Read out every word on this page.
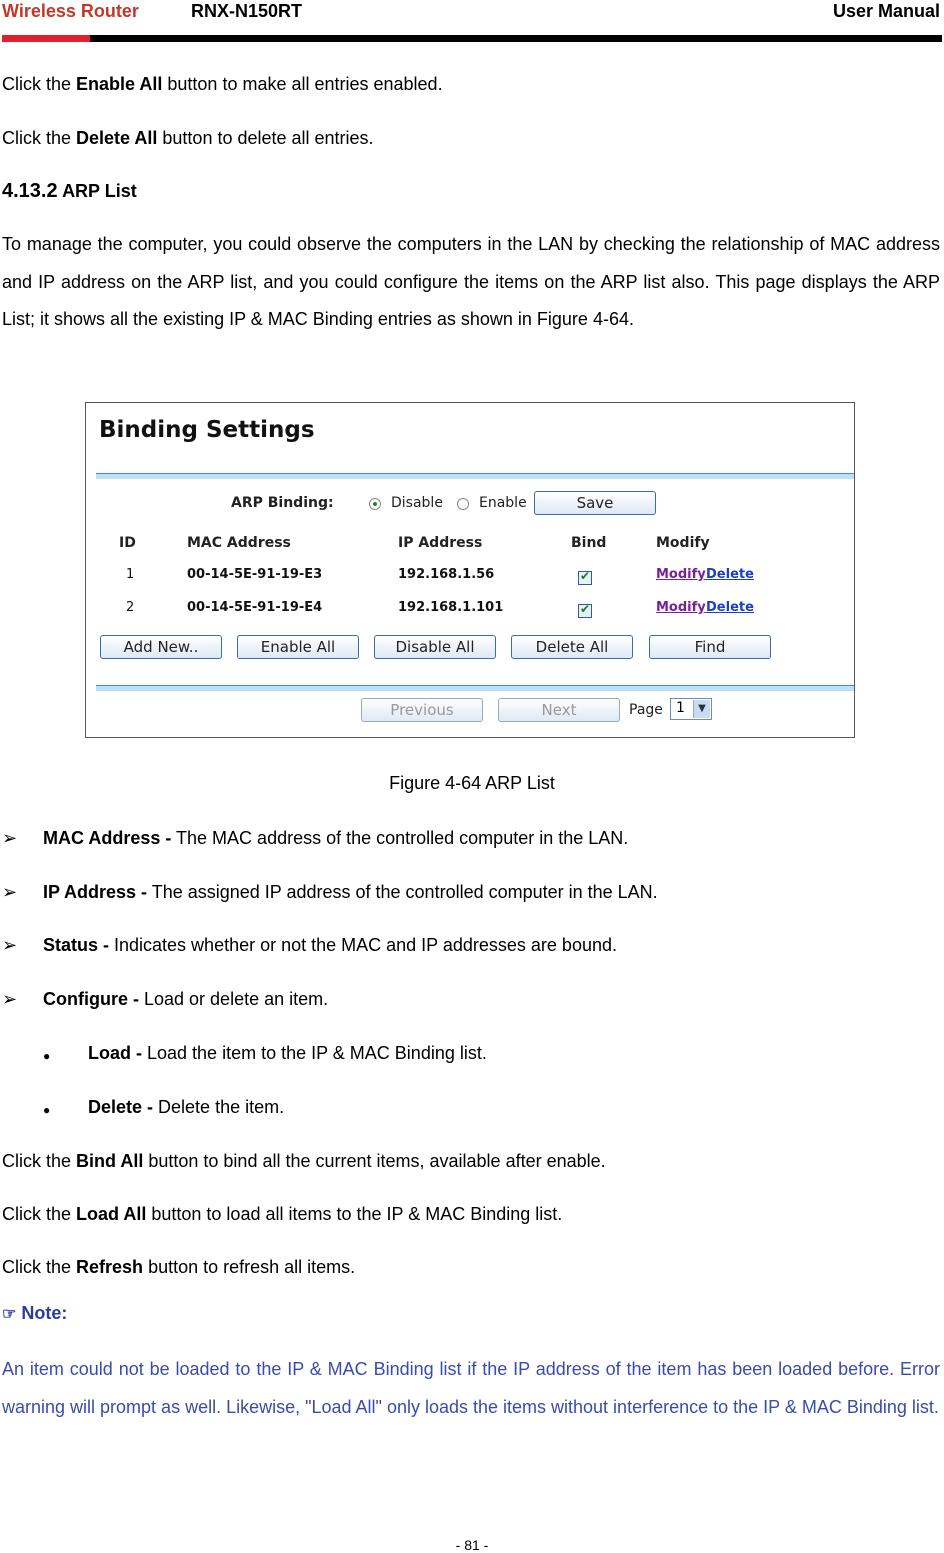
Wireless Router	RNX-N150RT	User Manual
Click the Enable All button to make all entries enabled.
Click the Delete All button to delete all entries.
4.13.2 ARP List
To manage the computer, you could observe the computers in the LAN by checking the relationship of MAC address and IP address on the ARP list, and you could configure the items on the ARP list also. This page displays the ARP List; it shows all the existing IP & MAC Binding entries as shown in Figure 4-64.
Binding Settings
ARP Binding:	Disable	Enable	Save
ID	MAC Address	IP Address	Bind	Modify
1	00-14-5E-91-19-E3	192.168.1.56 ✔	Modify Delete
2	00-14-5E-91-19-E4	192.168.1.101 ✔	Modify Delete
Add New..	Enable All	Disable All	Delete All	Find
Previous	Next	Page 1	▼
Figure 4-64 ARP List
➢ MAC Address - The MAC address of the controlled computer in the LAN.
➢ IP Address - The assigned IP address of the controlled computer in the LAN.
➢ Status - Indicates whether or not the MAC and IP addresses are bound.
➢ Configure - Load or delete an item.
● Load - Load the item to the IP & MAC Binding list.
● Delete - Delete the item.
Click the Bind All button to bind all the current items, available after enable.
Click the Load All button to load all items to the IP & MAC Binding list.
Click the Refresh button to refresh all items.
☞ Note:
An item could not be loaded to the IP & MAC Binding list if the IP address of the item has been loaded before. Error warning will prompt as well. Likewise, "Load All" only loads the items without interference to the IP & MAC Binding list.
- 81 -
